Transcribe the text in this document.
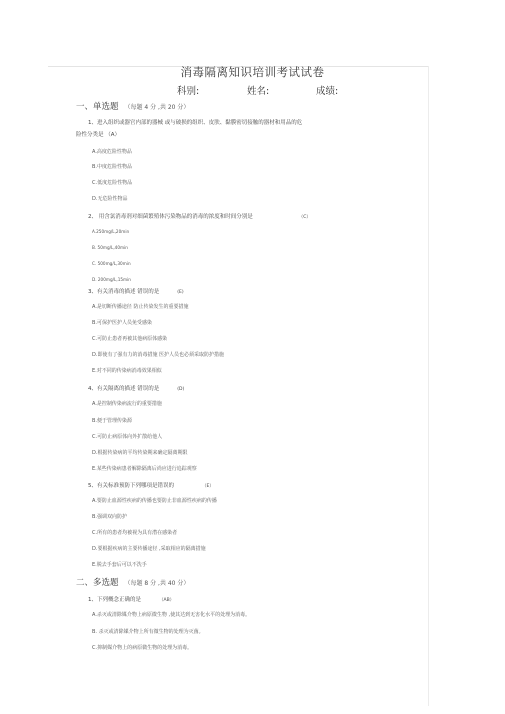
消毒隔离知识培训考试试卷
科别:	姓名:	成绩:
一、单选题 （每题 4 分 ,共 20 分）
1、进入组织或器官内部的器械 或与破损的组织、皮肤、黏膜密切接触的器材和用品的危
险性分类是 （A）
A.高度危险性物品
B.中度危险性物品
C.低度危险性物品
D.无危险性物品
2、 用含氯消毒剂对细菌繁殖体污染物品的消毒的浓度和时间分别是	（C）
A.250mg/L,20min
B. 50mg/L,40min
C. 500mg/L,30min
D. 200mg/L,15min
3、有关消毒的描述 错误的是	(E)
A.是切断传播途径 防止传染发生的重要措施
B.可保护医护人员免受感染
C.可防止患者再被其他病原体感染
D.即使有了强有力的消毒措施 医护人员也必须采取防护措施
E.对不同的传染病消毒效果相似
4、有关隔离的描述 错误的是	(D)
A.是控制传染病流行的重要措施
B.便于管理传染源
C.可防止病原体向外扩散给他人
D.根据传染病的平均传染期来确定隔离期限
E.某些传染病患者解除隔离后尚应进行追踪观察
5、有关标准预防下列哪项是错误的	（E）
A.要防止血源性疾病的传播也要防止非血源性疾病的传播
B.强调双向防护
C.所有的患者均被视为具有潜在感染者
D.要根据疾病的主要传播途径 ,采取相应的隔离措施
E.脱去手套后可以不洗手
二、多选题 （每题 8 分 ,共 40 分）
1、下列概念正确的是	（AB）
A.杀灭或清除媒介物上病原微生物 ,使其达到无害化水平的处理为消毒。
B. 杀灭或清除媒介物上所有微生物的处理为灭菌。
C.抑制媒介物上的病原微生物的处理为消毒。
